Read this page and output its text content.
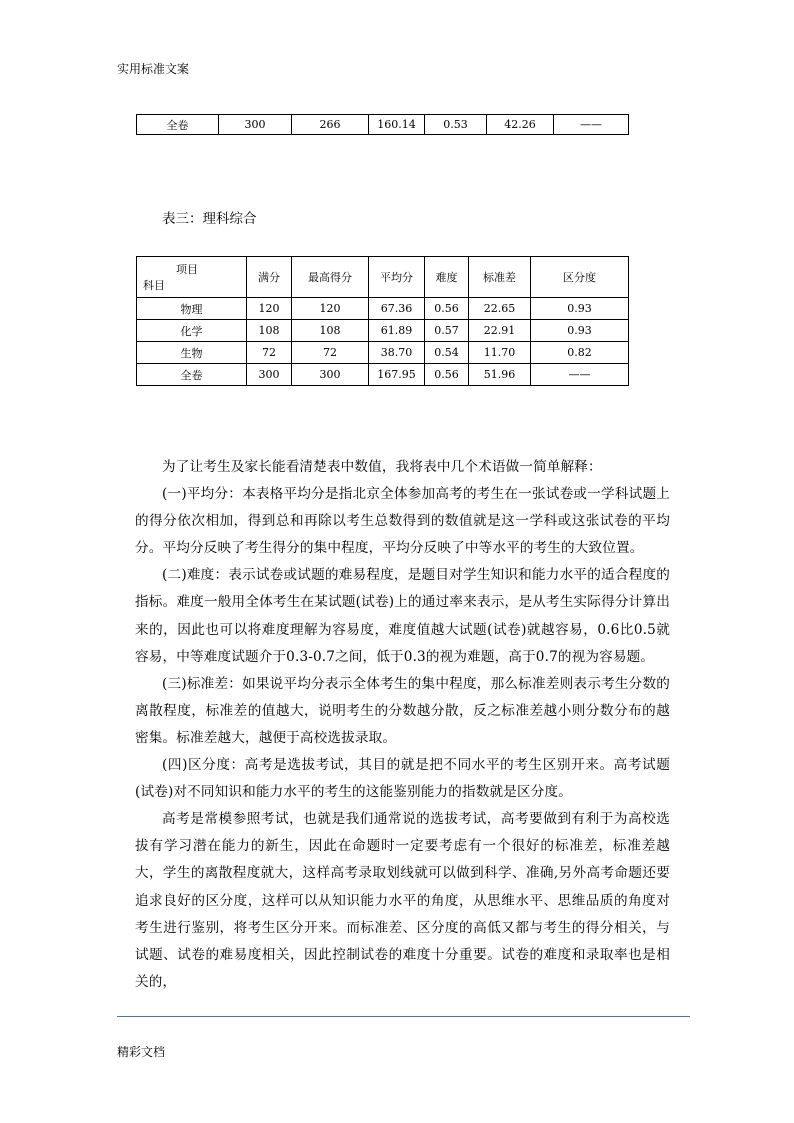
实用标准文案
全卷	300	266	160.14	0.53	42.26	——
表三：理科综合
项目
科目	满分	最高得分	平均分	难度	标准差	区分度
物理	120	120	67.36	0.56	22.65	0.93
化学	108	108	61.89	0.57	22.91	0.93
生物	72	72	38.70	0.54	11.70	0.82
全卷	300	300	167.95	0.56	51.96	——

为了让考生及家长能看清楚表中数值，我将表中几个术语做一简单解释：

(一)平均分：本表格平均分是指北京全体参加高考的考生在一张试卷或一学科试题上的得分依次相加，得到总和再除以考生总数得到的数值就是这一学科或这张试卷的平均分。平均分反映了考生得分的集中程度，平均分反映了中等水平的考生的大致位置。

(二)难度：表示试卷或试题的难易程度，是题目对学生知识和能力水平的适合程度的指标。难度一般用全体考生在某试题(试卷)上的通过率来表示，是从考生实际得分计算出来的，因此也可以将难度理解为容易度，难度值越大试题(试卷)就越容易，0.6比0.5就容易，中等难度试题介于0.3-0.7之间，低于0.3的视为难题，高于0.7的视为容易题。

(三)标准差：如果说平均分表示全体考生的集中程度，那么标准差则表示考生分数的离散程度，标准差的值越大，说明考生的分数越分散，反之标准差越小则分数分布的越密集。标准差越大，越便于高校选拔录取。

(四)区分度：高考是选拔考试，其目的就是把不同水平的考生区别开来。高考试题(试卷)对不同知识和能力水平的考生的这能鉴别能力的指数就是区分度。

高考是常模参照考试，也就是我们通常说的选拔考试，高考要做到有利于为高校选拔有学习潜在能力的新生，因此在命题时一定要考虑有一个很好的标准差，标准差越大，学生的离散程度就大，这样高考录取划线就可以做到科学、准确,另外高考命题还要追求良好的区分度，这样可以从知识能力水平的角度，从思维水平、思维品质的角度对考生进行鉴别，将考生区分开来。而标准差、区分度的高低又都与考生的得分相关，与试题、试卷的难易度相关，因此控制试卷的难度十分重要。试卷的难度和录取率也是相关的，

精彩文档
